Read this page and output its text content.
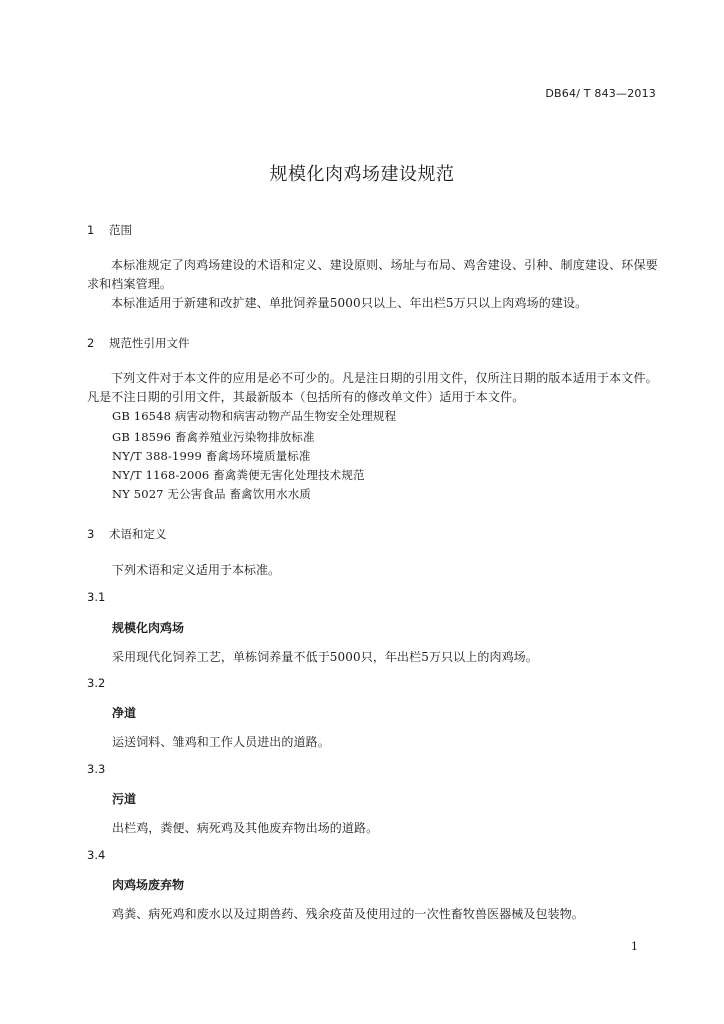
DB64/ T 843—2013
规模化肉鸡场建设规范
1 范围
本标准规定了肉鸡场建设的术语和定义、建设原则、场址与布局、鸡舍建设、引种、制度建设、环保要求和档案管理。
本标准适用于新建和改扩建、单批饲养量5000只以上、年出栏5万只以上肉鸡场的建设。
2 规范性引用文件
下列文件对于本文件的应用是必不可少的。凡是注日期的引用文件，仅所注日期的版本适用于本文件。凡是不注日期的引用文件，其最新版本（包括所有的修改单文件）适用于本文件。
GB 16548 病害动物和病害动物产品生物安全处理规程
GB 18596 畜禽养殖业污染物排放标准
NY/T 388-1999 畜禽场环境质量标准
NY/T 1168-2006 畜禽粪便无害化处理技术规范
NY 5027 无公害食品 畜禽饮用水水质
3 术语和定义
下列术语和定义适用于本标准。
3.1
规模化肉鸡场
采用现代化饲养工艺，单栋饲养量不低于5000只，年出栏5万只以上的肉鸡场。
3.2
净道
运送饲料、雏鸡和工作人员进出的道路。
3.3
污道
出栏鸡，粪便、病死鸡及其他废弃物出场的道路。
3.4
肉鸡场废弃物
鸡粪、病死鸡和废水以及过期兽药、残余疫苗及使用过的一次性畜牧兽医器械及包装物。
1
